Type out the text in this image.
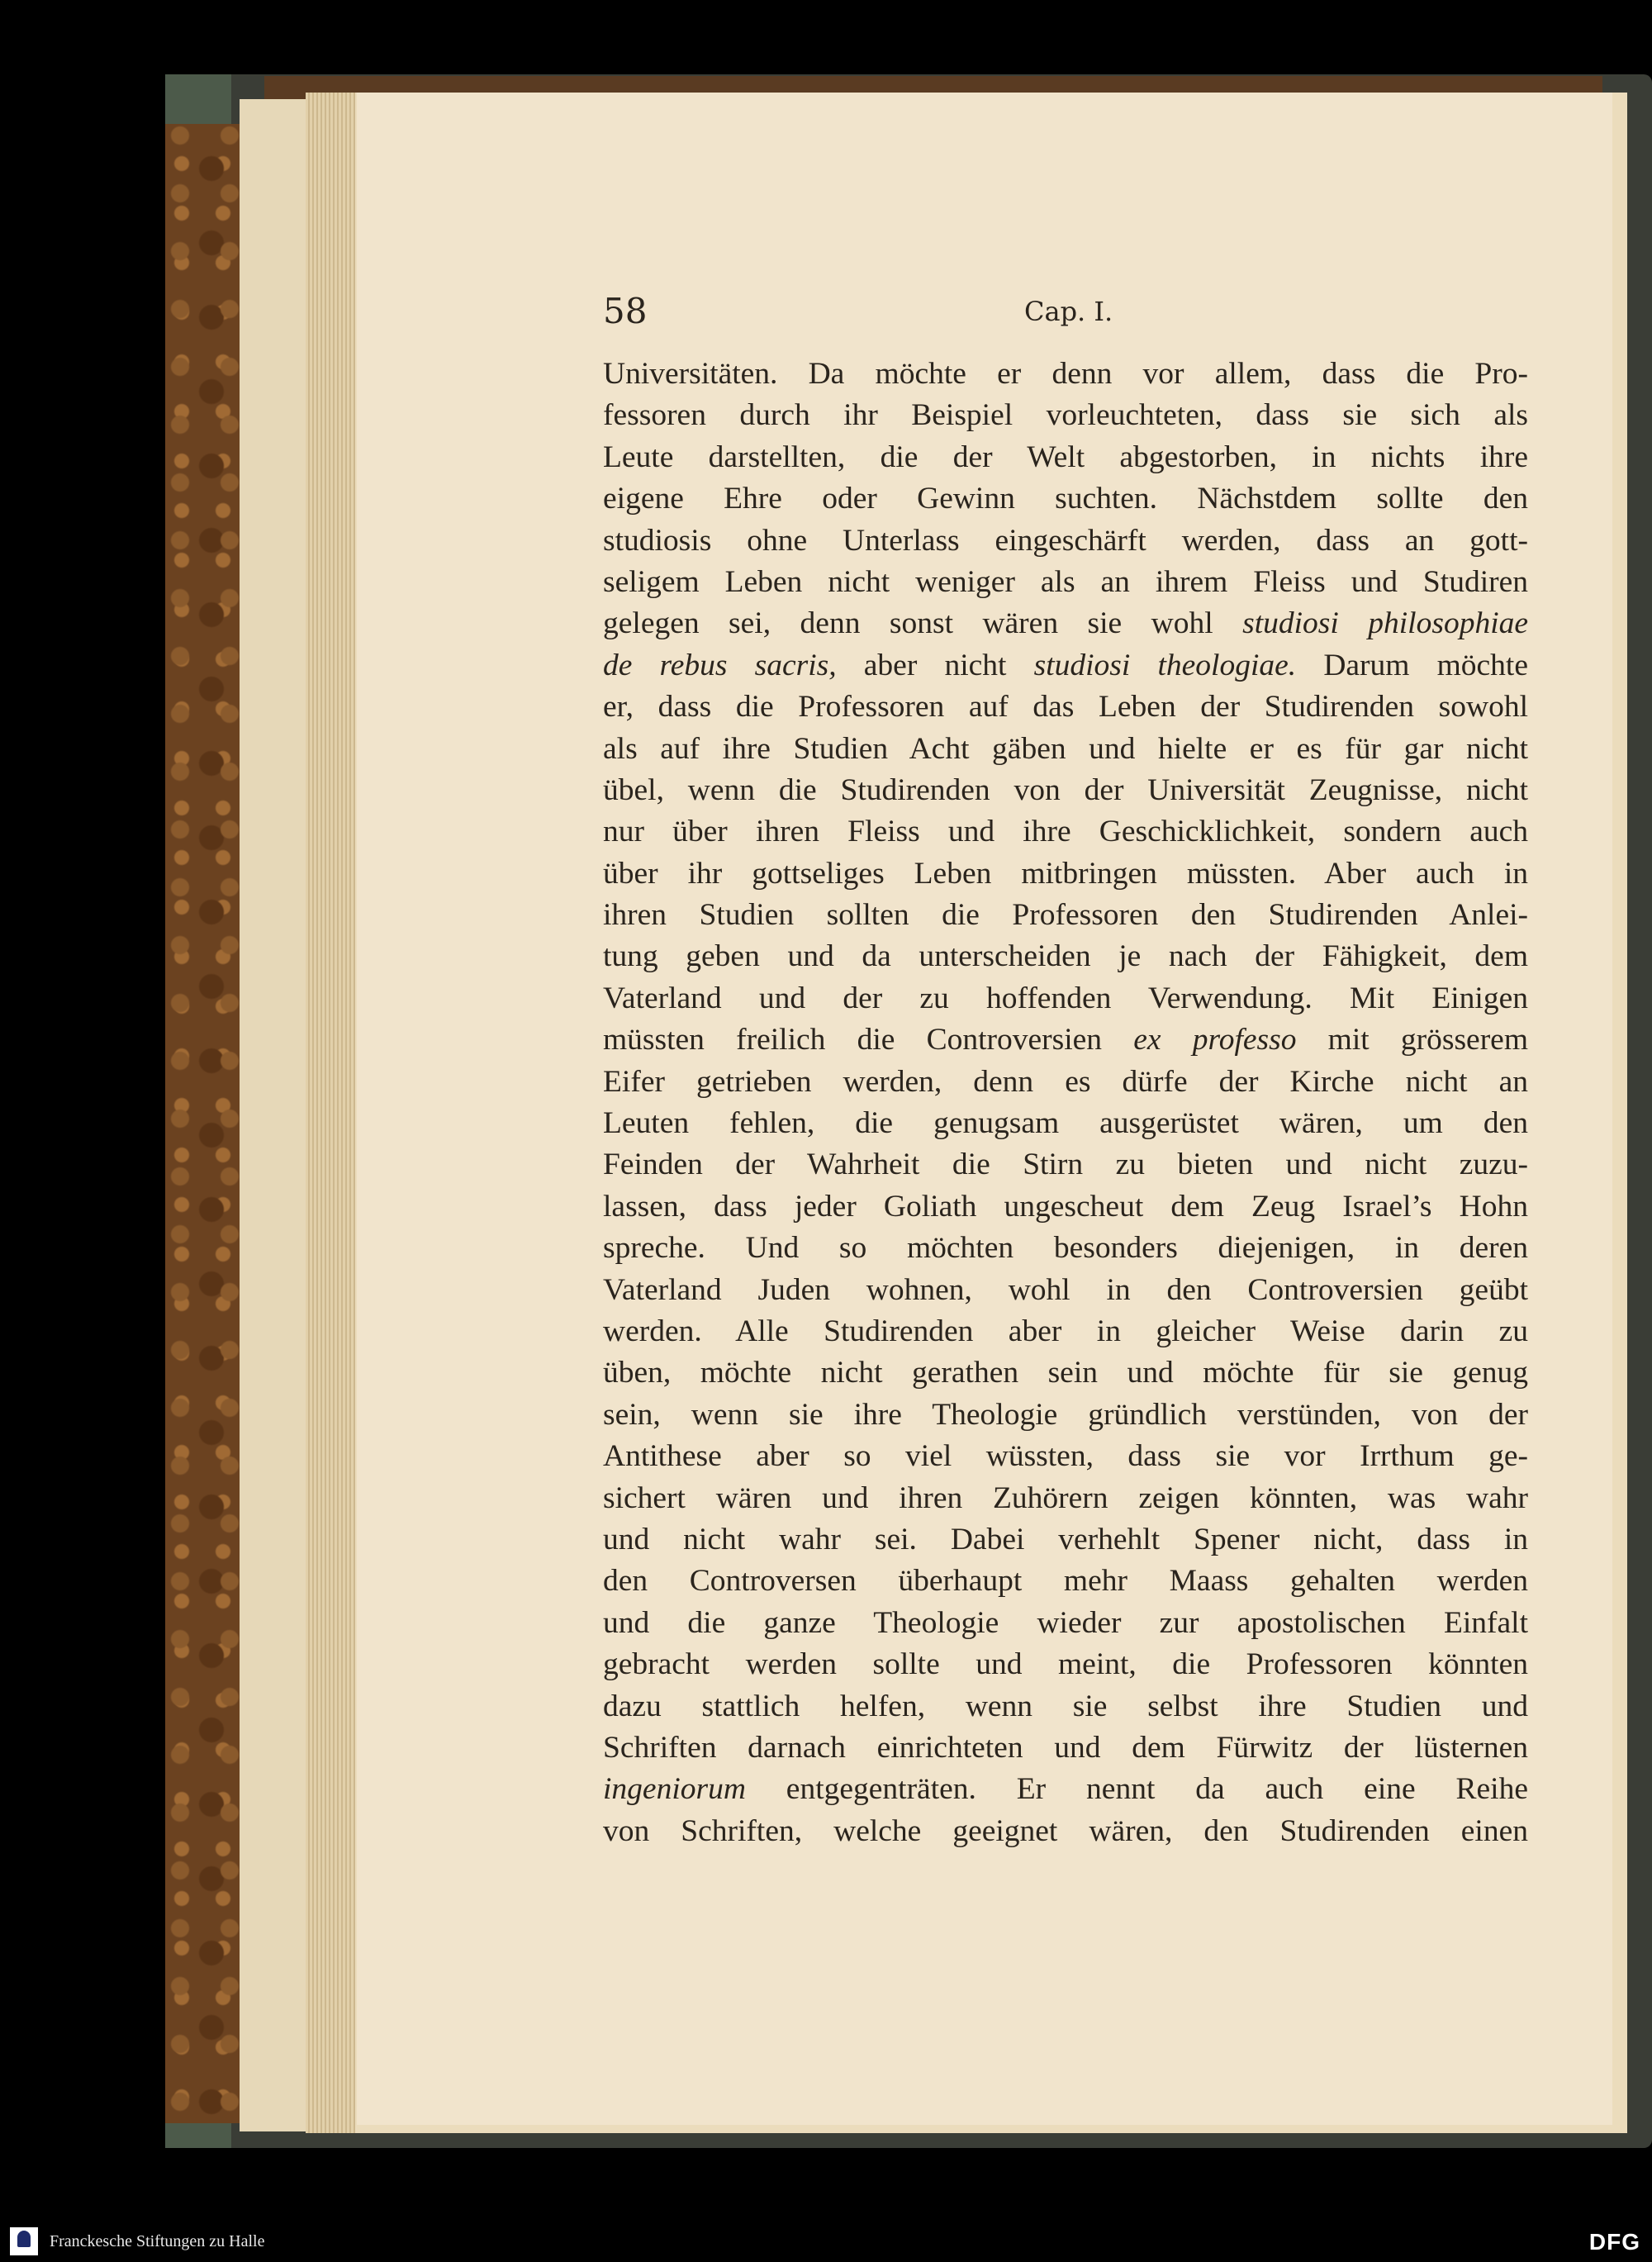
58	Cap. I.
Universitäten. Da möchte er denn vor allem, dass die Pro-
fessoren durch ihr Beispiel vorleuchteten, dass sie sich als
Leute darstellten, die der Welt abgestorben, in nichts ihre
eigene Ehre oder Gewinn suchten. Nächstdem sollte den
studiosis ohne Unterlass eingeschärft werden, dass an gott-
seligem Leben nicht weniger als an ihrem Fleiss und Studiren
gelegen sei, denn sonst wären sie wohl studiosi philosophiae
de rebus sacris, aber nicht studiosi theologiae. Darum möchte
er, dass die Professoren auf das Leben der Studirenden sowohl
als auf ihre Studien Acht gäben und hielte er es für gar nicht
übel, wenn die Studirenden von der Universität Zeugnisse, nicht
nur über ihren Fleiss und ihre Geschicklichkeit, sondern auch
über ihr gottseliges Leben mitbringen müssten. Aber auch in
ihren Studien sollten die Professoren den Studirenden Anlei-
tung geben und da unterscheiden je nach der Fähigkeit, dem
Vaterland und der zu hoffenden Verwendung. Mit Einigen
müssten freilich die Controversien ex professo mit grösserem
Eifer getrieben werden, denn es dürfe der Kirche nicht an
Leuten fehlen, die genugsam ausgerüstet wären, um den
Feinden der Wahrheit die Stirn zu bieten und nicht zuzu-
lassen, dass jeder Goliath ungescheut dem Zeug Israel’s Hohn
spreche. Und so möchten besonders diejenigen, in deren
Vaterland Juden wohnen, wohl in den Controversien geübt
werden. Alle Studirenden aber in gleicher Weise darin zu
üben, möchte nicht gerathen sein und möchte für sie genug
sein, wenn sie ihre Theologie gründlich verstünden, von der
Antithese aber so viel wüssten, dass sie vor Irrthum ge-
sichert wären und ihren Zuhörern zeigen könnten, was wahr
und nicht wahr sei. Dabei verhehlt Spener nicht, dass in
den Controversen überhaupt mehr Maass gehalten werden
und die ganze Theologie wieder zur apostolischen Einfalt
gebracht werden sollte und meint, die Professoren könnten
dazu stattlich helfen, wenn sie selbst ihre Studien und
Schriften darnach einrichteten und dem Fürwitz der lüsternen
ingeniorum entgegenträten. Er nennt da auch eine Reihe
von Schriften, welche geeignet wären, den Studirenden einen
Franckesche Stiftungen zu Halle	DFG
